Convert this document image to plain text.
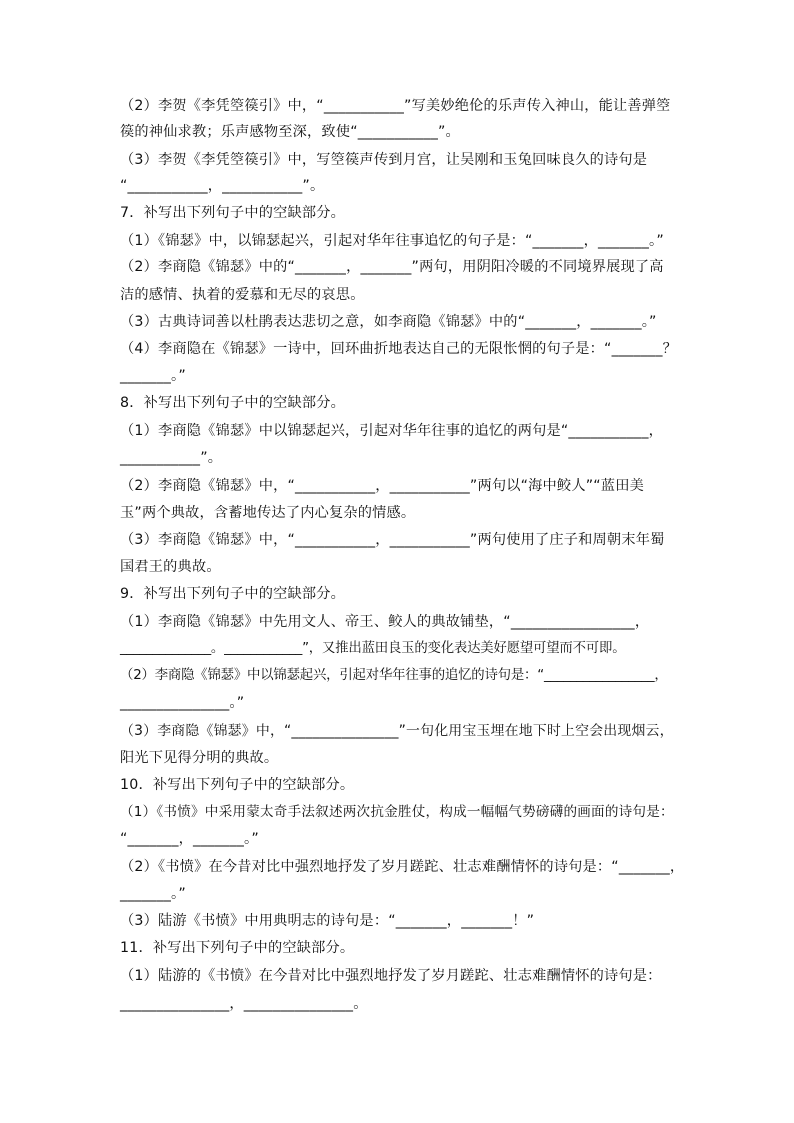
（2）李贺《李凭箜篌引》中，“___________”写美妙绝伦的乐声传入神山，能让善弹箜
篌的神仙求教；乐声感物至深，致使“___________”。
（3）李贺《李凭箜篌引》中，写箜篌声传到月宫，让吴刚和玉兔回味良久的诗句是
“___________，___________”。
7．补写出下列句子中的空缺部分。
（1）《锦瑟》中，以锦瑟起兴，引起对华年往事追忆的句子是：“_______，_______。”
（2）李商隐《锦瑟》中的“_______，_______”两句，用阴阳冷暖的不同境界展现了高
洁的感情、执着的爱慕和无尽的哀思。
（3）古典诗词善以杜鹃表达悲切之意，如李商隐《锦瑟》中的“_______，_______。”
（4）李商隐在《锦瑟》一诗中，回环曲折地表达自己的无限怅惘的句子是：“_______？
_______。”
8．补写出下列句子中的空缺部分。
（1）李商隐《锦瑟》中以锦瑟起兴，引起对华年往事的追忆的两句是“___________，
___________”。
（2）李商隐《锦瑟》中，“___________，___________”两句以“海中鲛人”“蓝田美
玉”两个典故，含蓄地传达了内心复杂的情感。
（3）李商隐《锦瑟》中，“___________，___________”两句使用了庄子和周朝末年蜀
国君王的典故。
9．补写出下列句子中的空缺部分。
（1）李商隐《锦瑟》中先用文人、帝王、鲛人的典故铺垫，“_________________，
______________。____________”，又推出蓝田良玉的变化表达美好愿望可望而不可即。
（2）李商隐《锦瑟》中以锦瑟起兴，引起对华年往事的追忆的诗句是：“_________________，
_______________。”
（3）李商隐《锦瑟》中，“_______________”一句化用宝玉埋在地下时上空会出现烟云，
阳光下见得分明的典故。
10．补写出下列句子中的空缺部分。
（1）《书愤》中采用蒙太奇手法叙述两次抗金胜仗，构成一幅幅气势磅礴的画面的诗句是：
“_______，_______。”
（2）《书愤》在今昔对比中强烈地抒发了岁月蹉跎、壮志难酬情怀的诗句是：“_______，
_______。”
（3）陆游《书愤》中用典明志的诗句是：“_______，_______！”
11．补写出下列句子中的空缺部分。
（1）陆游的《书愤》在今昔对比中强烈地抒发了岁月蹉跎、壮志难酬情怀的诗句是：
_______________，_______________。
